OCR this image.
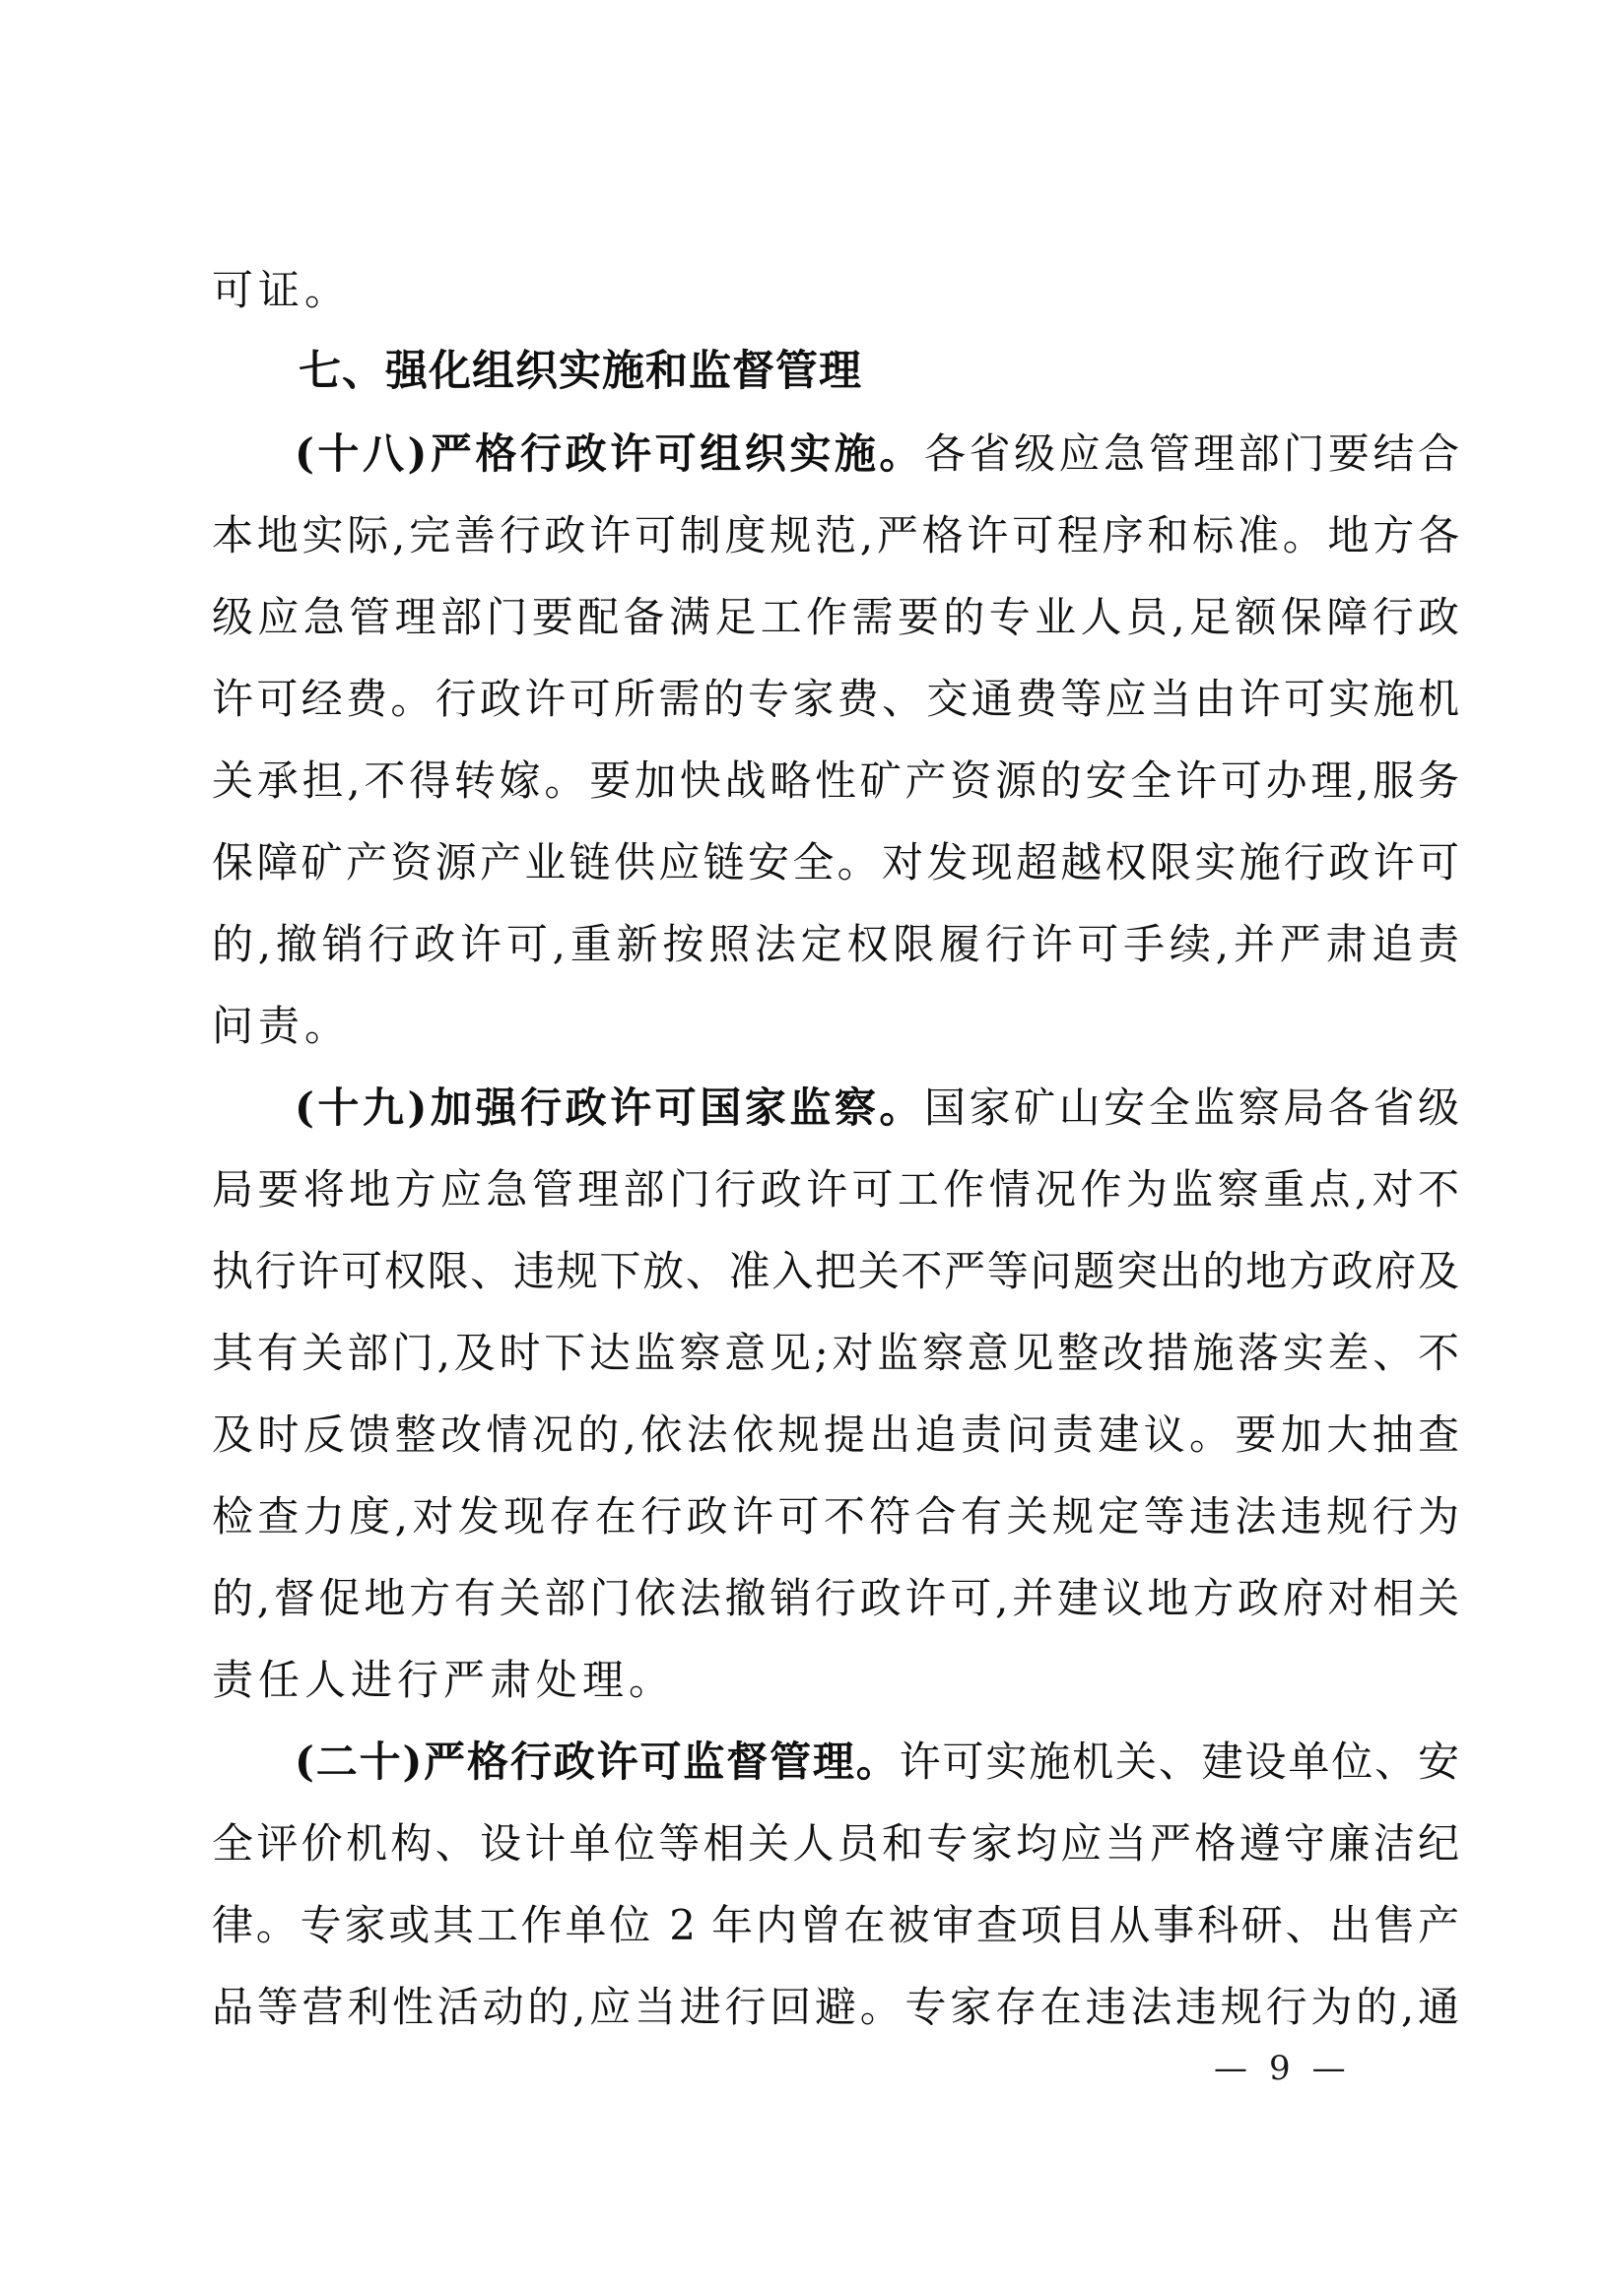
可证。
七、强化组织实施和监督管理
(十八)严格行政许可组织实施。各省级应急管理部门要结合
本地实际,完善行政许可制度规范,严格许可程序和标准。地方各
级应急管理部门要配备满足工作需要的专业人员,足额保障行政
许可经费。行政许可所需的专家费、交通费等应当由许可实施机
关承担,不得转嫁。要加快战略性矿产资源的安全许可办理,服务
保障矿产资源产业链供应链安全。对发现超越权限实施行政许可
的,撤销行政许可,重新按照法定权限履行许可手续,并严肃追责
问责。
(十九)加强行政许可国家监察。国家矿山安全监察局各省级
局要将地方应急管理部门行政许可工作情况作为监察重点,对不
执行许可权限、违规下放、准入把关不严等问题突出的地方政府及
其有关部门,及时下达监察意见;对监察意见整改措施落实差、不
及时反馈整改情况的,依法依规提出追责问责建议。要加大抽查
检查力度,对发现存在行政许可不符合有关规定等违法违规行为
的,督促地方有关部门依法撤销行政许可,并建议地方政府对相关
责任人进行严肃处理。
(二十)严格行政许可监督管理。许可实施机关、建设单位、安
全评价机构、设计单位等相关人员和专家均应当严格遵守廉洁纪
律。专家或其工作单位 2 年内曾在被审查项目从事科研、出售产
品等营利性活动的,应当进行回避。专家存在违法违规行为的,通
— 9 —
